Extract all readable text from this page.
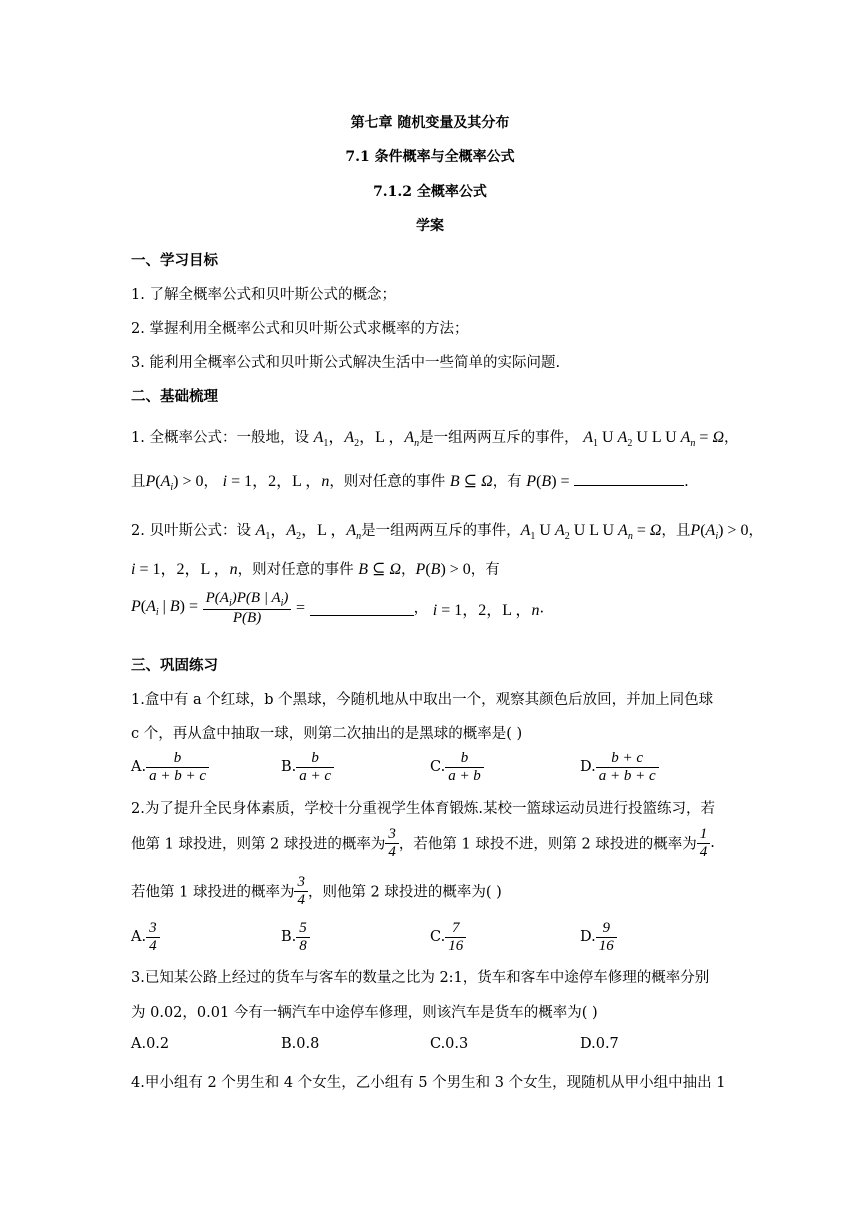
第七章 随机变量及其分布
7.1 条件概率与全概率公式
7.1.2 全概率公式
学案
一、学习目标
1. 了解全概率公式和贝叶斯公式的概念；
2. 掌握利用全概率公式和贝叶斯公式求概率的方法；
3. 能利用全概率公式和贝叶斯公式解决生活中一些简单的实际问题.
二、基础梳理
1. 全概率公式：一般地，设 $A_1$，$A_2$，L ，$A_n$是一组两两互斥的事件， $A_1$ U $A_2$ U L U $A_n = \Omega$，
且$P(A_i) > 0$， i = 1，2，L ，n，则对任意的事件 B ⊆ Ω，有 P(B) =	.
2. 贝叶斯公式：设 $A_1$，$A_2$，L ，$A_n$是一组两两互斥的事件，$A_1$ U $A_2$ U L U $A_n = \Omega$，且$P(A_i) > 0$，
i = 1，2，L ，n，则对任意的事件 B ⊆ Ω，P(B) > 0，有
$P(A_i$ | $B) = \frac{P(A_i)P(B | A_i)}{P(B)}$ =	， i = 1，2，L ，n.
三、巩固练习
1.盒中有 a 个红球，b 个黑球，今随机地从中取出一个，观察其颜色后放回，并加上同色球
c 个，再从盒中抽取一球，则第二次抽出的是黑球的概率是( )
A. $\frac{b}{a + b + c}$	B. $\frac{b}{a + c}$	C. $\frac{b}{a + b}$	D. $\frac{b + c}{a + b + c}$
2.为了提升全民身体素质，学校十分重视学生体育锻炼.某校一篮球运动员进行投篮练习，若
他第 1 球投进，则第 2 球投进的概率为 $\frac{3}{4}$ ，若他第 1 球投不进，则第 2 球投进的概率为 $\frac{1}{4}$ .
若他第 1 球投进的概率为 $\frac{3}{4}$ ，则他第 2 球投进的概率为( )
A. $\frac{3}{4}$	B. $\frac{5}{8}$	C. $\frac{7}{16}$	D. $\frac{9}{16}$
3.已知某公路上经过的货车与客车的数量之比为 2:1，货车和客车中途停车修理的概率分别
为 0.02，0.01 今有一辆汽车中途停车修理，则该汽车是货车的概率为( )
A.0.2	B.0.8	C.0.3	D.0.7
4.甲小组有 2 个男生和 4 个女生，乙小组有 5 个男生和 3 个女生，现随机从甲小组中抽出 1
